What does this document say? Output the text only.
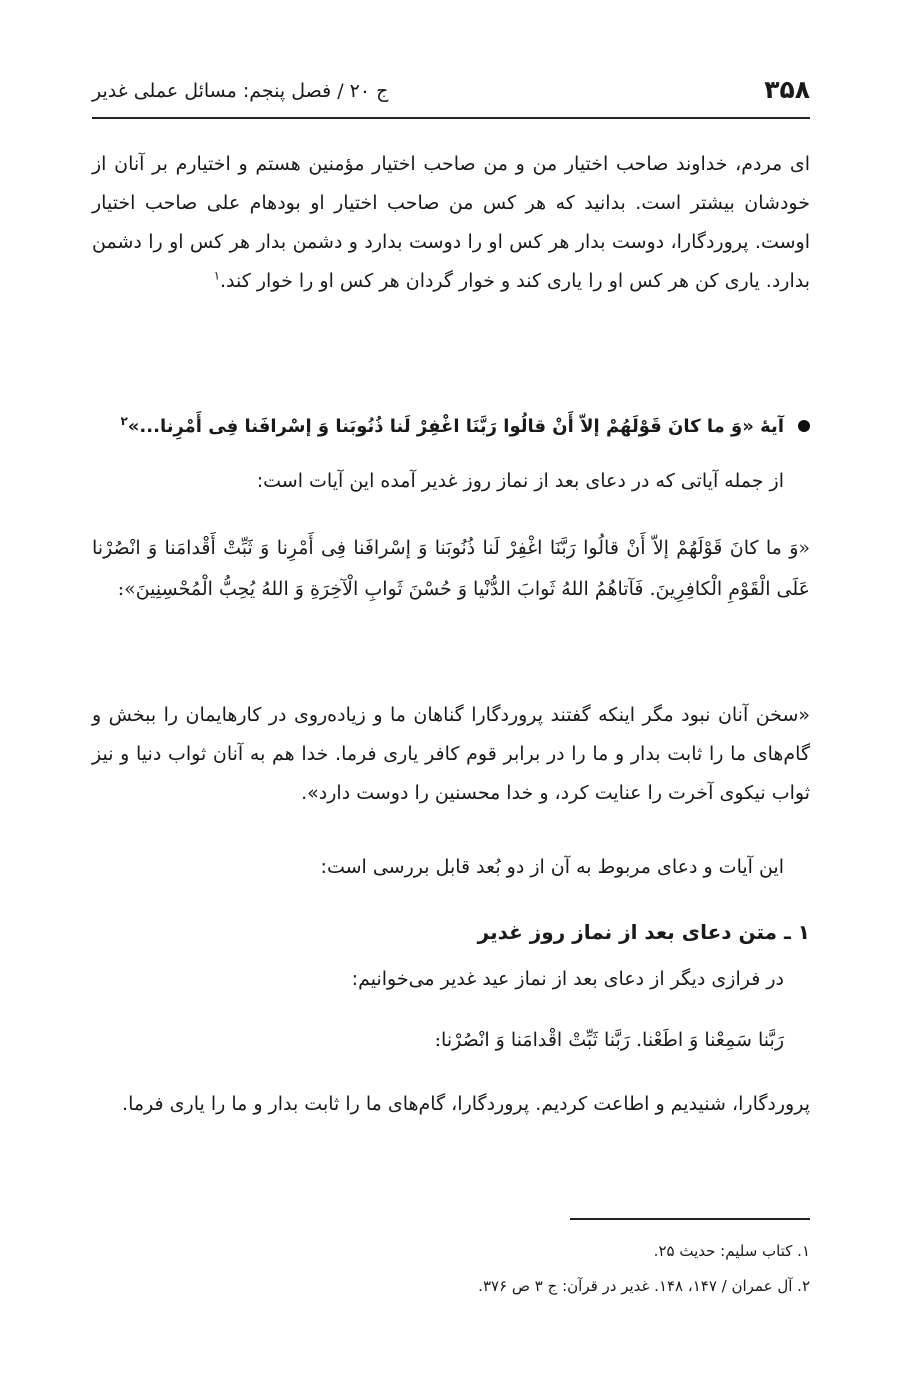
۳۵۸
ج ۲۰ / فصل پنجم: مسائل عملی غدیر

ای مردم، خداوند صاحب اختیار من و من صاحب اختیار مؤمنین هستم و اختیارم بر آنان از خودشان بیشتر است. بدانید که هر کس من صاحب اختیار او بودهام علی صاحب اختیار اوست. پروردگارا، دوست بدار هر کس او را دوست بدارد و دشمن بدار هر کس او را دشمن بدارد. یاری کن هر کس او را یاری کند و خوار گردان هر کس او را خوار کند.$^۱$

آیۀ «وَ ما کانَ قَوْلَهُمْ إلاّ أَنْ قالُوا رَبَّنَا اغْفِرْ لَنا ذُنُوبَنا وَ إسْرافَنا فِی أَمْرِنا...»$^۲$

از جمله آیاتی که در دعای بعد از نماز روز غدیر آمده این آیات است:

«وَ ما کانَ قَوْلَهُمْ إلاّ أَنْ قالُوا رَبَّنَا اغْفِرْ لَنا ذُنُوبَنا وَ إسْرافَنا فِی أَمْرِنا وَ ثَبِّتْ أَقْدامَنا وَ انْصُرْنا عَلَی الْقَوْمِ الْکافِرِینَ. فَآتاهُمُ اللهُ ثَوابَ الدُّنْیا وَ حُسْنَ ثَوابِ الْآخِرَةِ وَ اللهُ یُحِبُّ الْمُحْسِنِینَ»:

«سخن آنان نبود مگر اینکه گفتند پروردگارا گناهان ما و زیاده‌روی در کارهایمان را ببخش و گام‌های ما را ثابت بدار و ما را در برابر قوم کافر یاری فرما. خدا هم به آنان ثواب دنیا و نیز ثواب نیکوی آخرت را عنایت کرد، و خدا محسنین را دوست دارد».

این آیات و دعای مربوط به آن از دو بُعد قابل بررسی است:

۱ ـ متن دعای بعد از نماز روز غدیر

در فرازی دیگر از دعای بعد از نماز عید غدیر می‌خوانیم:

رَبَّنا سَمِعْنا وَ اطَعْنا. رَبَّنا ثَبِّتْ اقْدامَنا وَ انْصُرْنا:

پروردگارا، شنیدیم و اطاعت کردیم. پروردگارا، گام‌های ما را ثابت بدار و ما را یاری فرما.

۱. کتاب سلیم: حدیث ۲۵.
۲. آل عمران / ۱۴۷، ۱۴۸. غدیر در قرآن: ج ۳ ص ۳۷۶.
